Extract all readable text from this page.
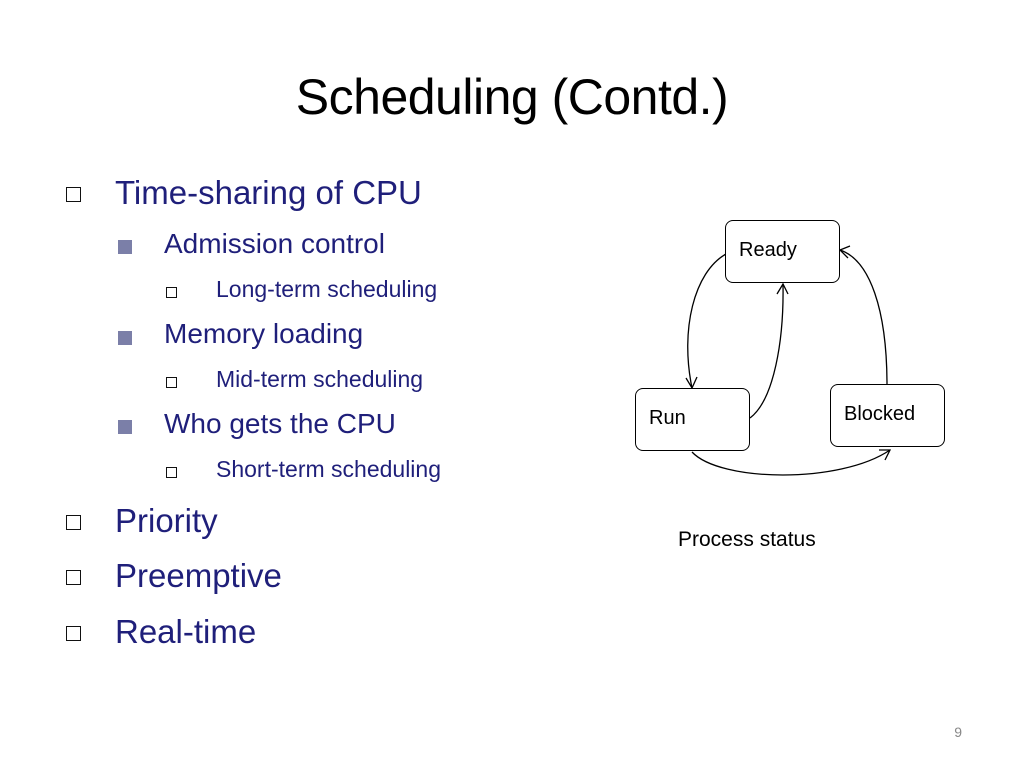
Scheduling (Contd.)
Time-sharing of CPU
Admission control
Long-term scheduling
Memory loading
Mid-term scheduling
Who gets the CPU
Short-term scheduling
Priority
Preemptive
Real-time
Ready
Run	Blocked
Process status
9
